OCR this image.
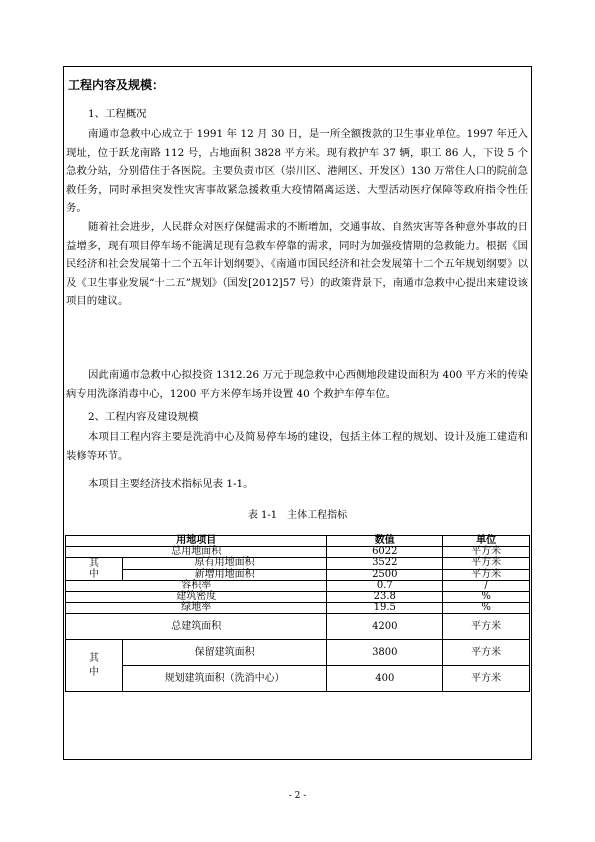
工程内容及规模：
1、工程概况

南通市急救中心成立于 1991 年 12 月 30 日，是一所全额拨款的卫生事业单位。1997 年迁入现址，位于跃龙南路 112 号，占地面积 3828 平方米。现有救护车 37 辆，职工 86 人，下设 5 个急救分站，分别借住于各医院。主要负责市区（崇川区、港闸区、开发区）130 万常住人口的院前急救任务，同时承担突发性灾害事故紧急援救重大疫情隔离运送、大型活动医疗保障等政府指令性任务。

随着社会进步，人民群众对医疗保健需求的不断增加，交通事故、自然灾害等各种意外事故的日益增多，现有项目停车场不能满足现有急救车停靠的需求，同时为加强疫情期的急救能力。根据《国民经济和社会发展第十二个五年计划纲要》、《南通市国民经济和社会发展第十二个五年规划纲要》以及《卫生事业发展“十二五”规划》（国发[2012]57 号）的政策背景下，南通市急救中心提出来建设该项目的建议。

因此南通市急救中心拟投资 1312.26 万元于现急救中心西侧地段建设面积为 400 平方米的传染病专用洗涤消毒中心，1200 平方米停车场并设置 40 个救护车停车位。

2、工程内容及建设规模

本项目工程内容主要是洗消中心及简易停车场的建设，包括主体工程的规划、设计及施工建造和装修等环节。

本项目主要经济技术指标见表 1-1。

表 1-1　主体工程指标
用地项目		数值	单位
总用地面积		6022	平方米
其
中	原有用地面积	3522	平方米
	新增用地面积	2500	平方米
容积率		0.7	/
建筑密度		23.8	%
绿地率		19.5	%
总建筑面积		4200	平方米
其
中	保留建筑面积	3800	平方米
	规划建筑面积（洗消中心）	400	平方米
- 2 -
